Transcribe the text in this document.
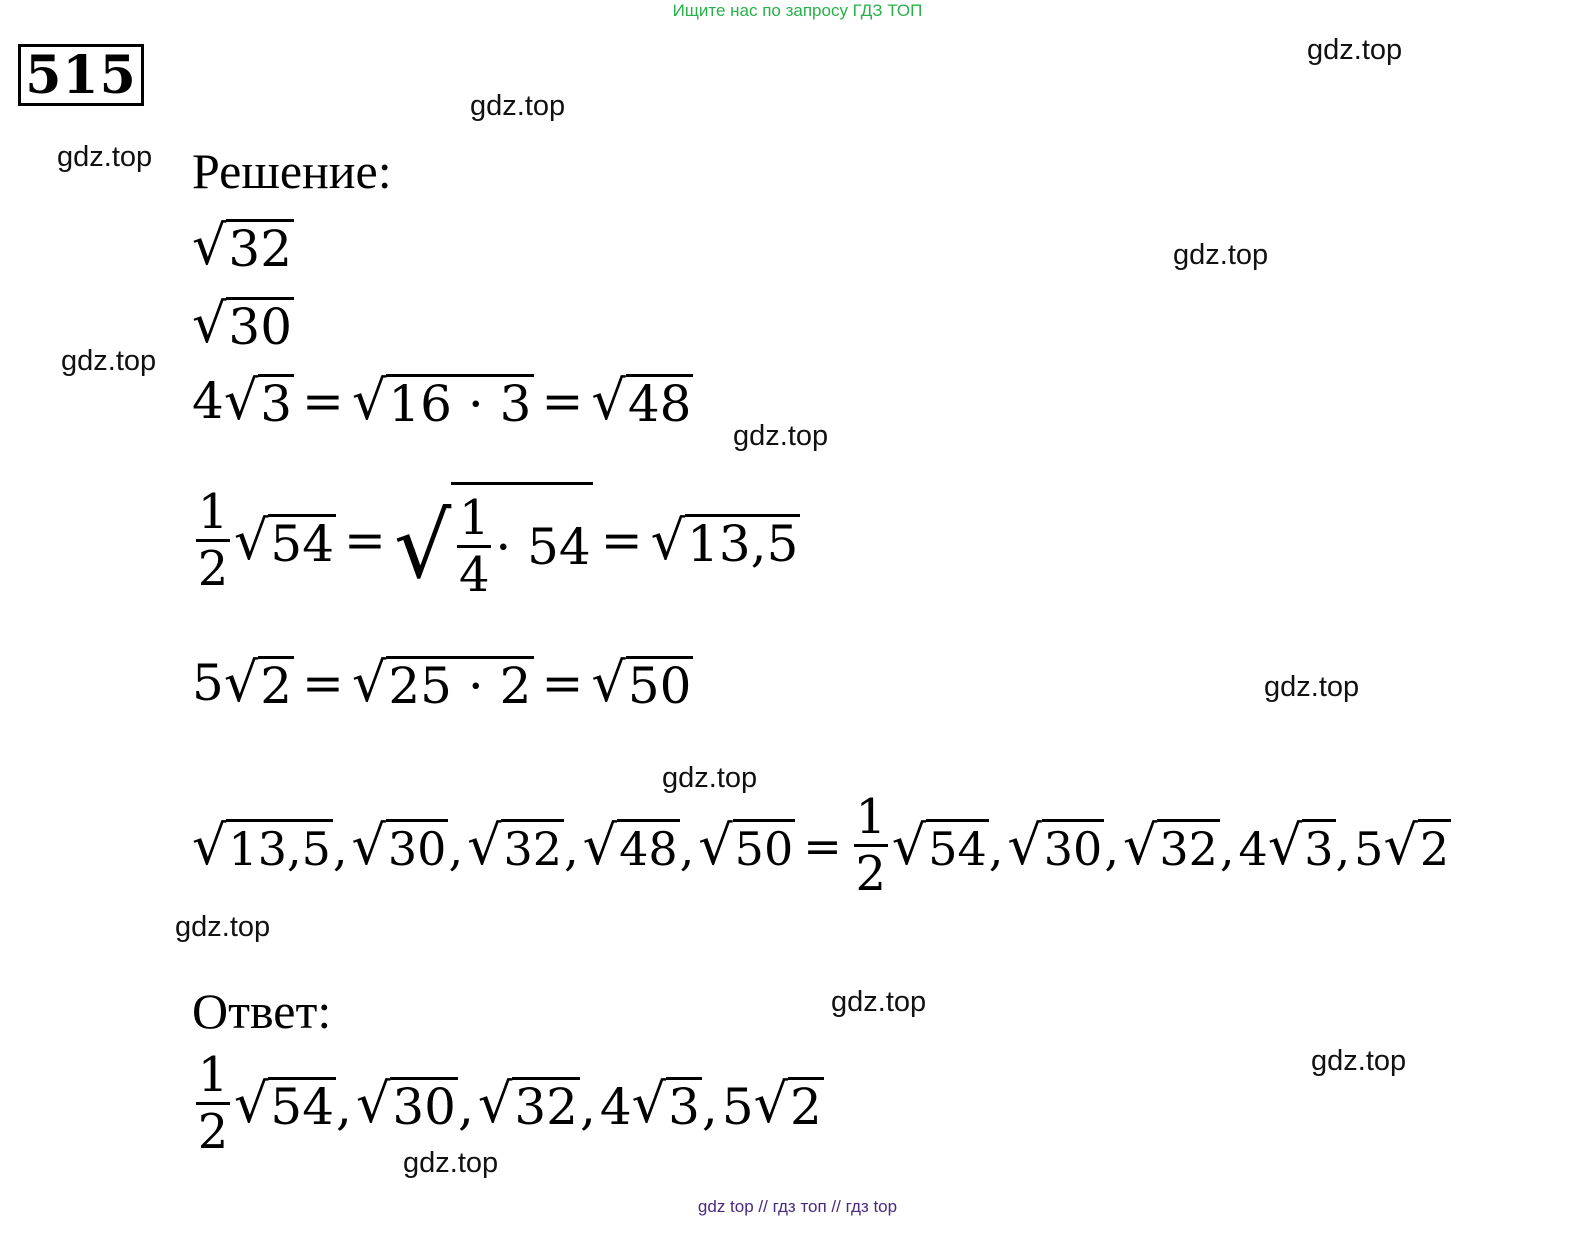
Ищите нас по запросу ГДЗ ТОП
515	gdz.top
gdz.top
gdz.top
gdz.top
gdz.top
gdz.top
gdz.top
gdz.top
gdz.top
gdz.top
gdz.top
gdz.top
Решение:
√ 32
√ 30
4 √ 3 = √ 16 · 3 = √ 48
$\frac{1}{2}$ √ 54 = √ $\frac{1}{4} \cdot 54$ = √ 13,5
5 √ 2 = √ 25 · 2 = √ 50
√ 13,5 , √ 30 , √ 32 , √ 48 , √ $50 = \frac{1}{2}$ √ 54 , √ 30 , √ 32 , 4 √ 3 , 5 √ 2
Ответ:
$\frac{1}{2}$ √ 54 , √ 30 , √ 32 , 4 √ 3 , 5 √ 2
gdz top // гдз топ // гдз top
